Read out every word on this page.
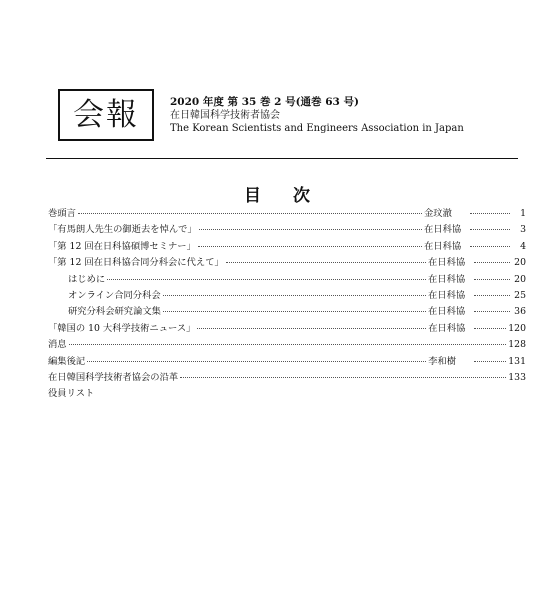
会報	2020 年度 第 35 巻 2 号(通巻 63 号)
在日韓国科学技術者協会
The Korean Scientists and Engineers Association in Japan
目 次
巻頭言	金玟澈	1
「有馬朗人先生の御逝去を悼んで」	在日科協	3
「第 12 回在日科協碩博セミナー」	在日科協	4
「第 12 回在日科協合同分科会に代えて」	在日科協	20
はじめに	在日科協	20
オンライン合同分科会	在日科協	25
研究分科会研究論文集	在日科協	36
「韓国の 10 大科学技術ニュース」	在日科協	120
消息	128
編集後記	李和樹	131
在日韓国科学技術者協会の沿革	133
役員リスト
